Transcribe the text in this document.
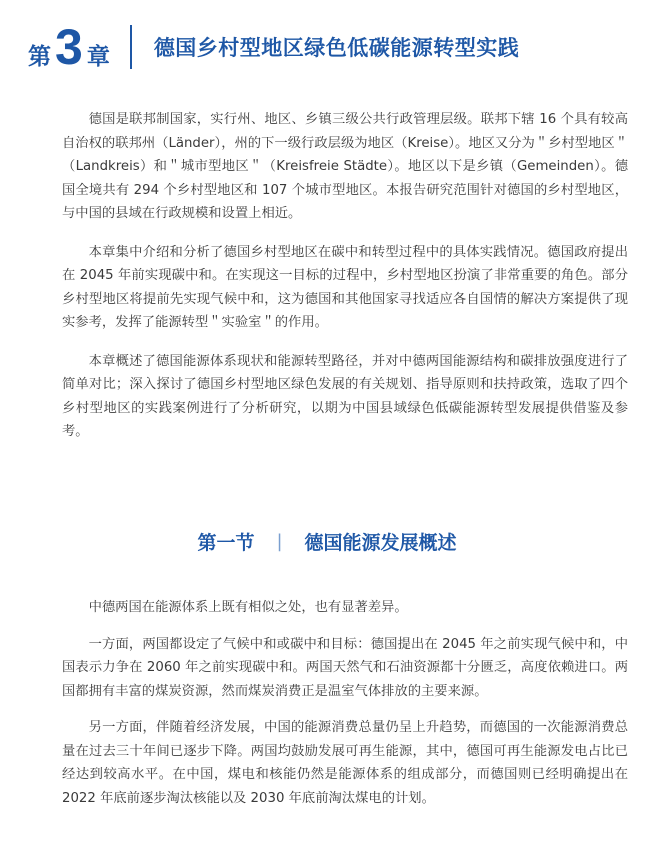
第 3 章 德国乡村型地区绿色低碳能源转型实践

德国是联邦制国家，实行州、地区、乡镇三级公共行政管理层级。联邦下辖 16 个具有较高自治权的联邦州（Länder），州的下一级行政层级为地区（Kreise）。地区又分为＂乡村型地区＂（Landkreis）和＂城市型地区＂（Kreisfreie Städte）。地区以下是乡镇（Gemeinden）。德国全境共有 294 个乡村型地区和 107 个城市型地区。本报告研究范围针对德国的乡村型地区，与中国的县域在行政规模和设置上相近。

本章集中介绍和分析了德国乡村型地区在碳中和转型过程中的具体实践情况。德国政府提出在 2045 年前实现碳中和。在实现这一目标的过程中，乡村型地区扮演了非常重要的角色。部分乡村型地区将提前先实现气候中和，这为德国和其他国家寻找适应各自国情的解决方案提供了现实参考，发挥了能源转型＂实验室＂的作用。

本章概述了德国能源体系现状和能源转型路径，并对中德两国能源结构和碳排放强度进行了简单对比；深入探讨了德国乡村型地区绿色发展的有关规划、指导原则和扶持政策，选取了四个乡村型地区的实践案例进行了分析研究，以期为中国县域绿色低碳能源转型发展提供借鉴及参考。

第一节 | 德国能源发展概述

中德两国在能源体系上既有相似之处，也有显著差异。

一方面，两国都设定了气候中和或碳中和目标：德国提出在 2045 年之前实现气候中和，中国表示力争在 2060 年之前实现碳中和。两国天然气和石油资源都十分匮乏，高度依赖进口。两国都拥有丰富的煤炭资源，然而煤炭消费正是温室气体排放的主要来源。

另一方面，伴随着经济发展，中国的能源消费总量仍呈上升趋势，而德国的一次能源消费总量在过去三十年间已逐步下降。两国均鼓励发展可再生能源，其中，德国可再生能源发电占比已经达到较高水平。在中国，煤电和核能仍然是能源体系的组成部分，而德国则已经明确提出在 2022 年底前逐步淘汰核能以及 2030 年底前淘汰煤电的计划。
